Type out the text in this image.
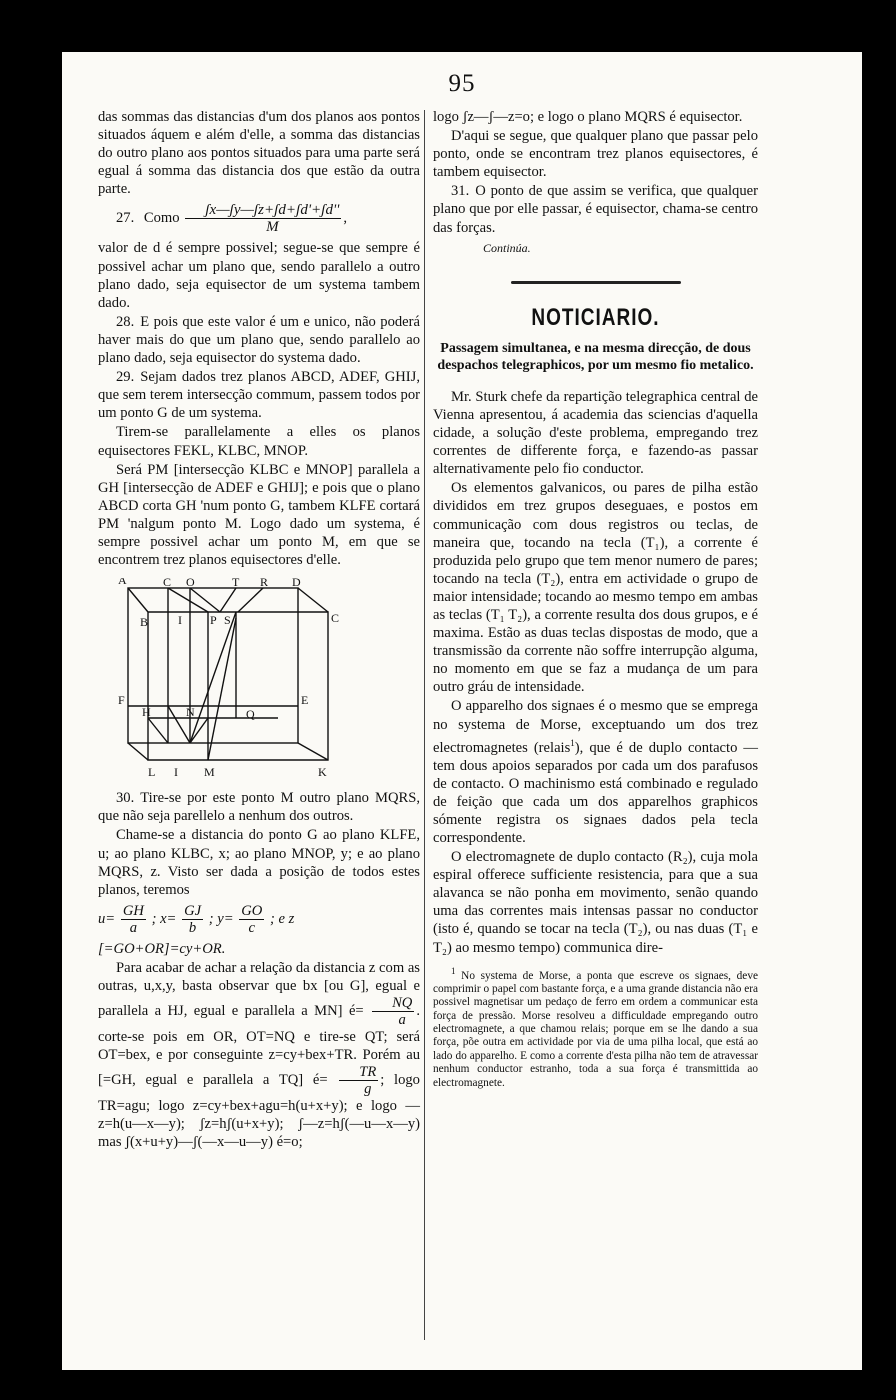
95

das sommas das distancias d'um dos planos aos pontos situados áquem e além d'elle, a somma das distancias do outro plano aos pontos situados para uma parte será egual á somma das distancia dos que estão da outra parte.

27. Como $\frac{\text{ʃx—ʃy—ʃz+ʃd+ʃd'+ʃd''}}{M}$ ,

valor de d é sempre possivel; segue-se que sempre é possivel achar um plano que, sendo parallelo a outro plano dado, seja equisector de um systema tambem dado.

28. E pois que este valor é um e unico, não poderá haver mais do que um plano que, sendo parallelo ao plano dado, seja equisector do systema dado.

29. Sejam dados trez planos ABCD, ADEF, GHIJ, que sem terem intersecção commum, passem todos por um ponto G de um systema.

Tirem-se parallelamente a elles os planos equisectores FEKL, KLBC, MNOP.

Será PM [intersecção KLBC e MNOP] parallela a GH [intersecção de ADEF e GHIJ]; e pois que o plano ABCD corta GH 'num ponto G, tambem KLFE cortará PM 'nalgum ponto M. Logo dado um systema, é sempre possivel achar um ponto M, em que se encontrem trez planos equisectores d'elle.

A	C O	T R D
B I P S	C
F	E
H	N	Q
L I M	K

30. Tire-se por este ponto M outro plano MQRS, que não seja parellelo a nenhum dos outros.

Chame-se a distancia do ponto G ao plano KLFE, u; ao plano KLBC, x; ao plano MNOP, y; e ao plano MQRS, z. Visto ser dada a posição de todos estes planos, teremos

$u= \frac{GH}{a}$ ; $x= \frac{GJ}{b}$ ; $y= \frac{GO}{c}$ ; e z

[=GO+OR]=cy+OR.

Para acabar de achar a relação da distancia z com as outras, u,x,y, basta observar que bx [ou G], egual e parallela a HJ, egual e parallela a MN] é= $\frac{NQ}{a}$ . corte-se pois em OR, OT=NQ e tire-se QT; será OT=bex, e por conseguinte z=cy+bex+TR. Porém au [=GH, egual e parallela a TQ] é= $\frac{TR}{g}$ ; logo TR=agu; logo z=cy+bex+agu=h(u+x+y); e logo —z=h(u—x—y); ʃz=hʃ(u+x+y); ʃ—z=hʃ(—u—x—y) mas ʃ(x+u+y)—ʃ(—x—u—y) é=o;

logo ʃz—ʃ—z=o; e logo o plano MQRS é equisector.

D'aqui se segue, que qualquer plano que passar pelo ponto, onde se encontram trez planos equisectores, é tambem equisector.

31. O ponto de que assim se verifica, que qualquer plano que por elle passar, é equisector, chama-se centro das forças.

Continúa.

NOTICIARIO.
Passagem simultanea, e na mesma direcção, de dous despachos telegraphicos, por um mesmo fio metalico.

Mr. Sturk chefe da repartição telegraphica central de Vienna apresentou, á academia das sciencias d'aquella cidade, a solução d'este problema, empregando trez correntes de differente força, e fazendo-as passar alternativamente pelo fio conductor.

Os elementos galvanicos, ou pares de pilha estão divididos em trez grupos deseguaes, e postos em communicação com dous registros ou teclas, de maneira que, tocando na tecla (T₁), a corrente é produzida pelo grupo que tem menor numero de pares; tocando na tecla (T₂), entra em actividade o grupo de maior intensidade; tocando ao mesmo tempo em ambas as teclas (T₁ T₂), a corrente resulta dos dous grupos, e é maxima. Estão as duas teclas dispostas de modo, que a transmissão da corrente não soffre interrupção alguma, no momento em que se faz a mudança de um para outro gráu de intensidade.

O apparelho dos signaes é o mesmo que se emprega no systema de Morse, exceptuando um dos trez electromagnetes (relais$^1$), que é de duplo contacto — tem dous apoios separados por cada um dos parafusos de contacto. O machinismo está combinado e regulado de feição que cada um dos apparelhos graphicos sómente registra os signaes dados pela tecla correspondente.

O electromagnete de duplo contacto (R₂), cuja mola espiral offerece sufficiente resistencia, para que a sua alavanca se não ponha em movimento, senão quando uma das correntes mais intensas passar no conductor (isto é, quando se tocar na tecla (T₂), ou nas duas (T₁ e T₂) ao mesmo tempo) communica dire-

$^1$ No systema de Morse, a ponta que escreve os signaes, deve comprimir o papel com bastante força, e a uma grande distancia não era possivel magnetisar um pedaço de ferro em ordem a communicar esta força de pressão. Morse resolveu a difficuldade empregando outro electromagnete, a que chamou relais; porque em se lhe dando a sua força, põe outra em actividade por via de uma pilha local, que está ao lado do apparelho. E como a corrente d'esta pilha não tem de atravessar nenhum conductor estranho, toda a sua força é transmittida ao electromagnete.
